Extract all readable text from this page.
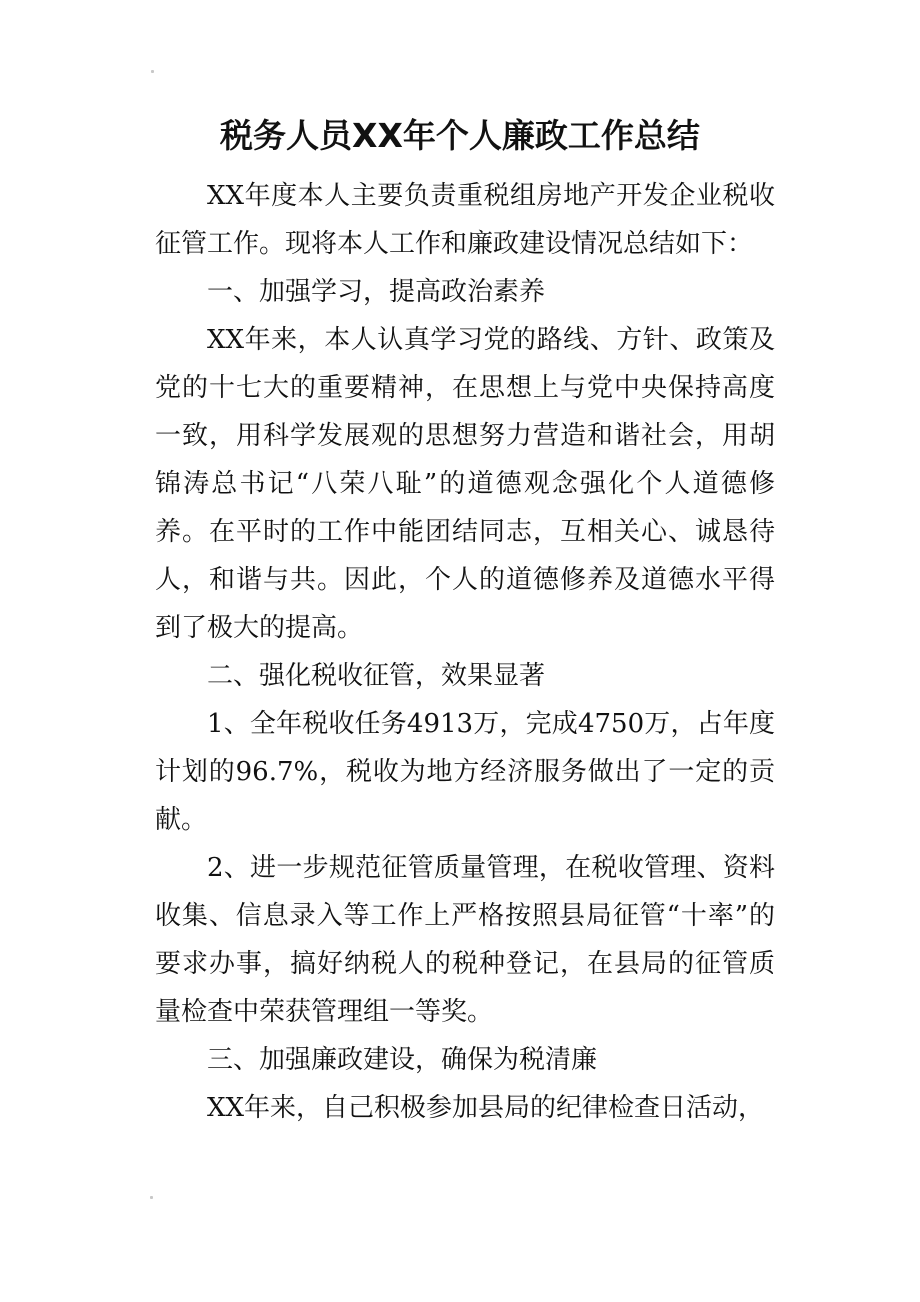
税务人员XX年个人廉政工作总结

XX年度本人主要负责重税组房地产开发企业税收征管工作。现将本人工作和廉政建设情况总结如下：

一、加强学习，提高政治素养

XX年来，本人认真学习党的路线、方针、政策及党的十七大的重要精神，在思想上与党中央保持高度一致，用科学发展观的思想努力营造和谐社会，用胡锦涛总书记“八荣八耻”的道德观念强化个人道德修养。在平时的工作中能团结同志，互相关心、诚恳待人，和谐与共。因此，个人的道德修养及道德水平得到了极大的提高。

二、强化税收征管，效果显著

1、全年税收任务4913万，完成4750万，占年度计划的96.7%，税收为地方经济服务做出了一定的贡献。

2、进一步规范征管质量管理，在税收管理、资料收集、信息录入等工作上严格按照县局征管“十率”的要求办事，搞好纳税人的税种登记，在县局的征管质量检查中荣获管理组一等奖。

三、加强廉政建设，确保为税清廉

XX年来，自己积极参加县局的纪律检查日活动，
